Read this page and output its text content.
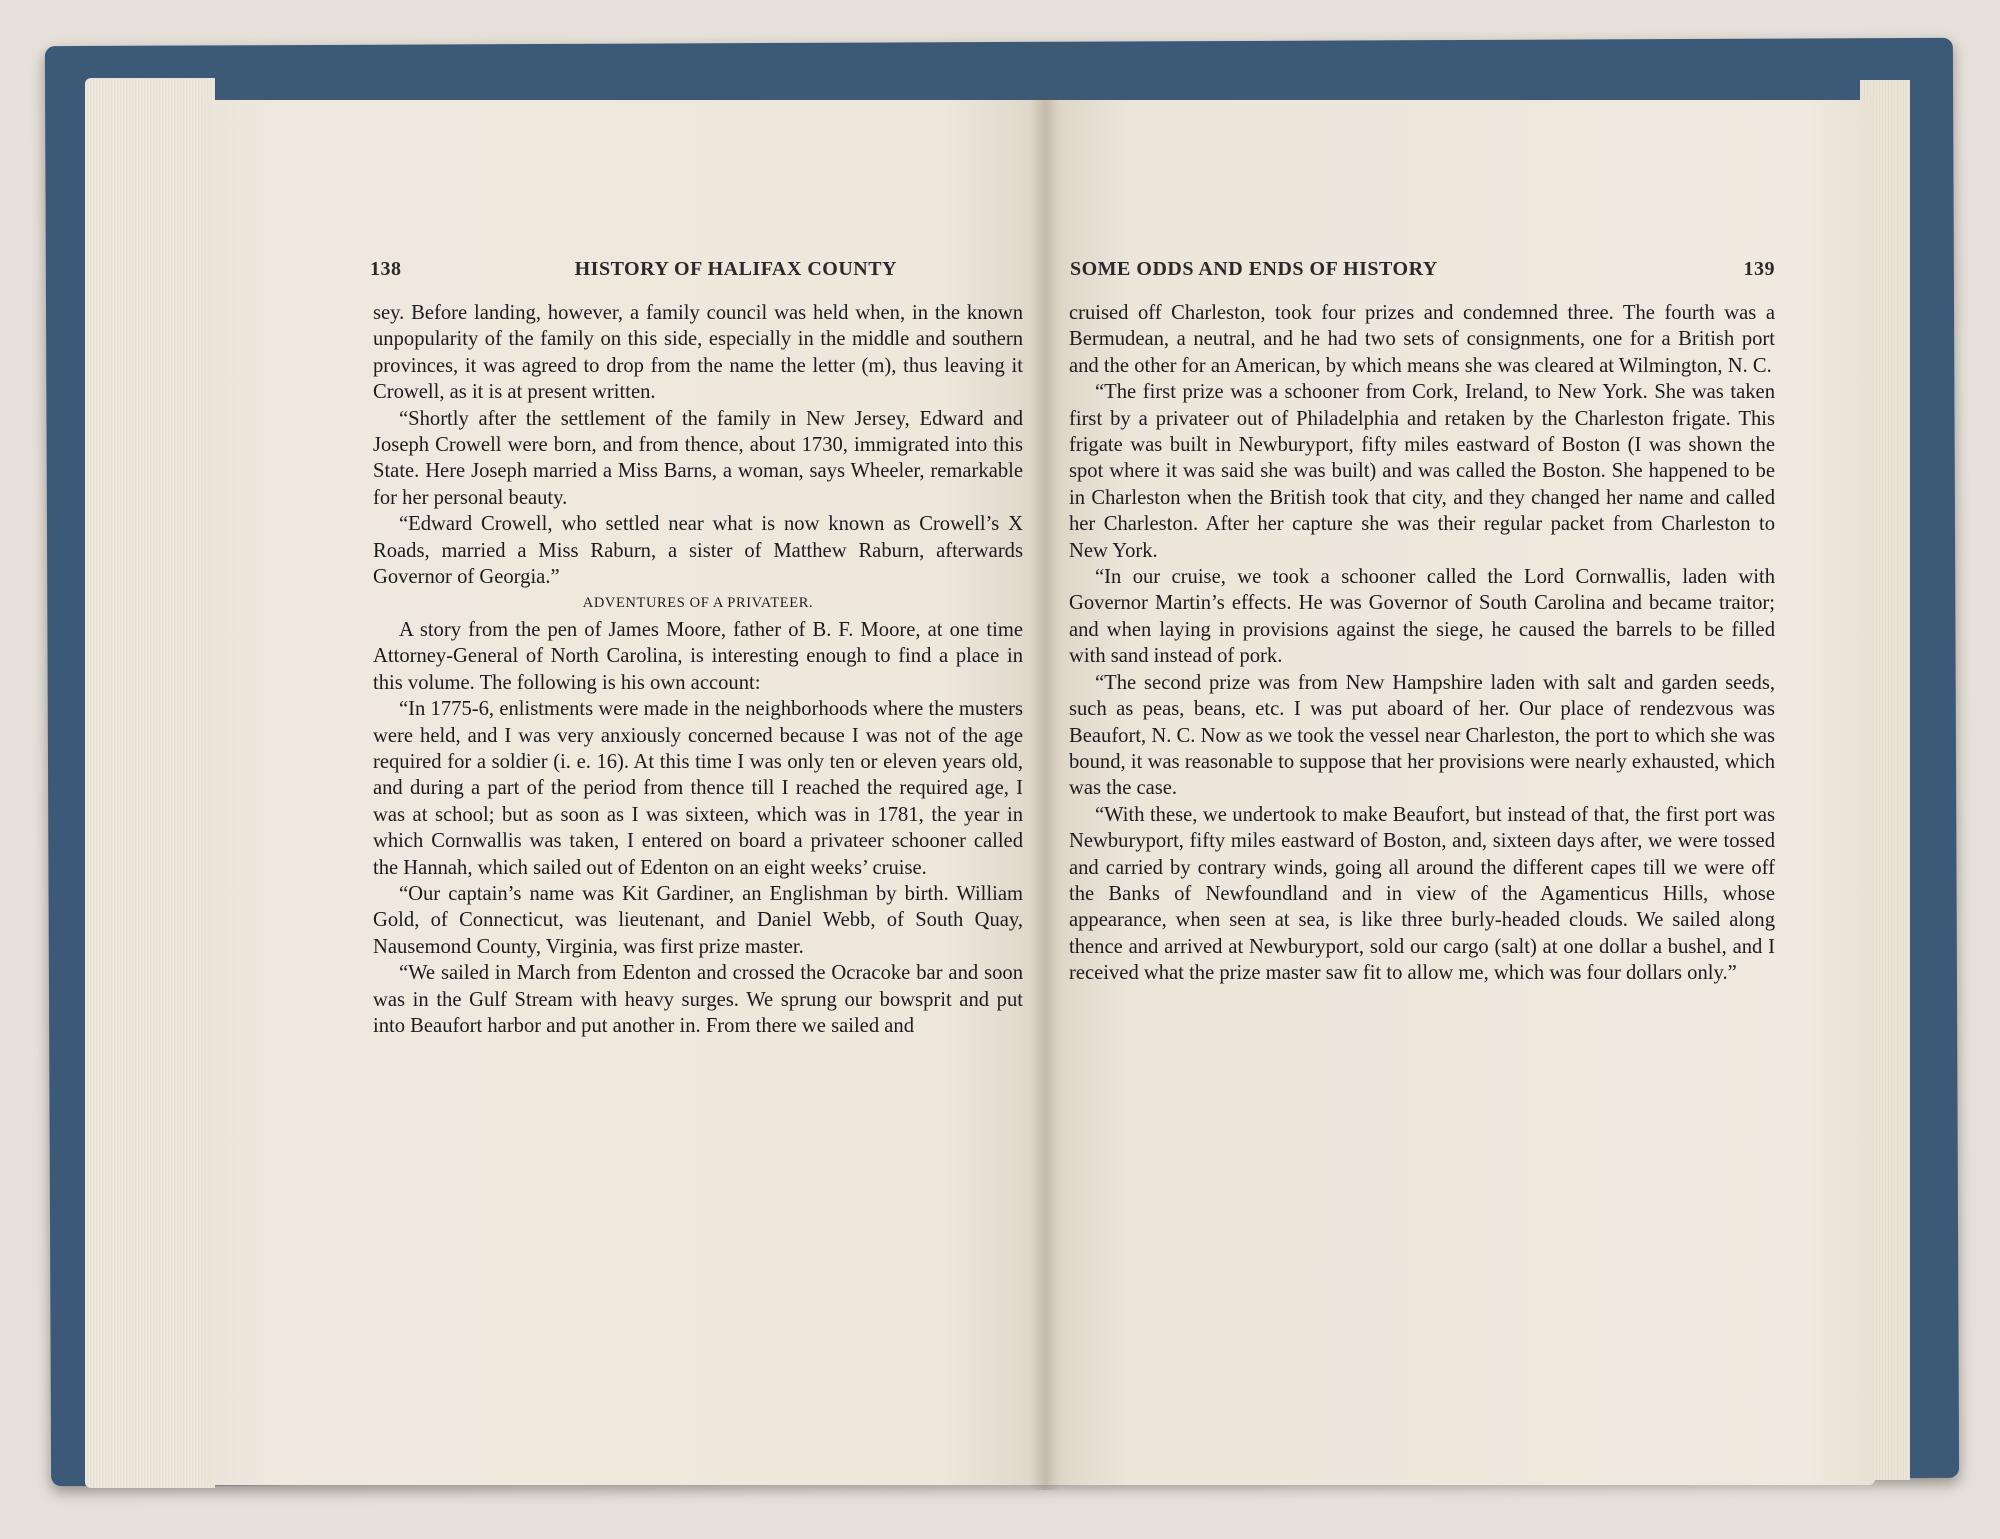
138	HISTORY OF HALIFAX COUNTY

sey. Before landing, however, a family council was held when, in the known unpopularity of the family on this side, especially in the middle and southern provinces, it was agreed to drop from the name the letter (m), thus leaving it Crowell, as it is at present written.

“Shortly after the settlement of the family in New Jersey, Edward and Joseph Crowell were born, and from thence, about 1730, immigrated into this State. Here Joseph married a Miss Barns, a woman, says Wheeler, remarkable for her personal beauty.

“Edward Crowell, who settled near what is now known as Crowell’s X Roads, married a Miss Raburn, a sister of Matthew Raburn, afterwards Governor of Georgia.”

ADVENTURES OF A PRIVATEER.

A story from the pen of James Moore, father of B. F. Moore, at one time Attorney-General of North Carolina, is interesting enough to find a place in this volume. The following is his own account:

“In 1775-6, enlistments were made in the neighborhoods where the musters were held, and I was very anxiously concerned because I was not of the age required for a soldier (i. e. 16). At this time I was only ten or eleven years old, and during a part of the period from thence till I reached the required age, I was at school; but as soon as I was sixteen, which was in 1781, the year in which Cornwallis was taken, I entered on board a privateer schooner called the Hannah, which sailed out of Edenton on an eight weeks’ cruise.

“Our captain’s name was Kit Gardiner, an Englishman by birth. William Gold, of Connecticut, was lieutenant, and Daniel Webb, of South Quay, Nausemond County, Virginia, was first prize master.

“We sailed in March from Edenton and crossed the Ocracoke bar and soon was in the Gulf Stream with heavy surges. We sprung our bowsprit and put into Beaufort harbor and put another in. From there we sailed and

SOME ODDS AND ENDS OF HISTORY	139

cruised off Charleston, took four prizes and condemned three. The fourth was a Bermudean, a neutral, and he had two sets of consignments, one for a British port and the other for an American, by which means she was cleared at Wilmington, N. C.

“The first prize was a schooner from Cork, Ireland, to New York. She was taken first by a privateer out of Philadelphia and retaken by the Charleston frigate. This frigate was built in Newburyport, fifty miles eastward of Boston (I was shown the spot where it was said she was built) and was called the Boston. She happened to be in Charleston when the British took that city, and they changed her name and called her Charleston. After her capture she was their regular packet from Charleston to New York.

“In our cruise, we took a schooner called the Lord Cornwallis, laden with Governor Martin’s effects. He was Governor of South Carolina and became traitor; and when laying in provisions against the siege, he caused the barrels to be filled with sand instead of pork.

“The second prize was from New Hampshire laden with salt and garden seeds, such as peas, beans, etc. I was put aboard of her. Our place of rendezvous was Beaufort, N. C. Now as we took the vessel near Charleston, the port to which she was bound, it was reasonable to suppose that her provisions were nearly exhausted, which was the case.

“With these, we undertook to make Beaufort, but instead of that, the first port was Newburyport, fifty miles eastward of Boston, and, sixteen days after, we were tossed and carried by contrary winds, going all around the different capes till we were off the Banks of Newfoundland and in view of the Agamenticus Hills, whose appearance, when seen at sea, is like three burly-headed clouds. We sailed along thence and arrived at Newburyport, sold our cargo (salt) at one dollar a bushel, and I received what the prize master saw fit to allow me, which was four dollars only.”
